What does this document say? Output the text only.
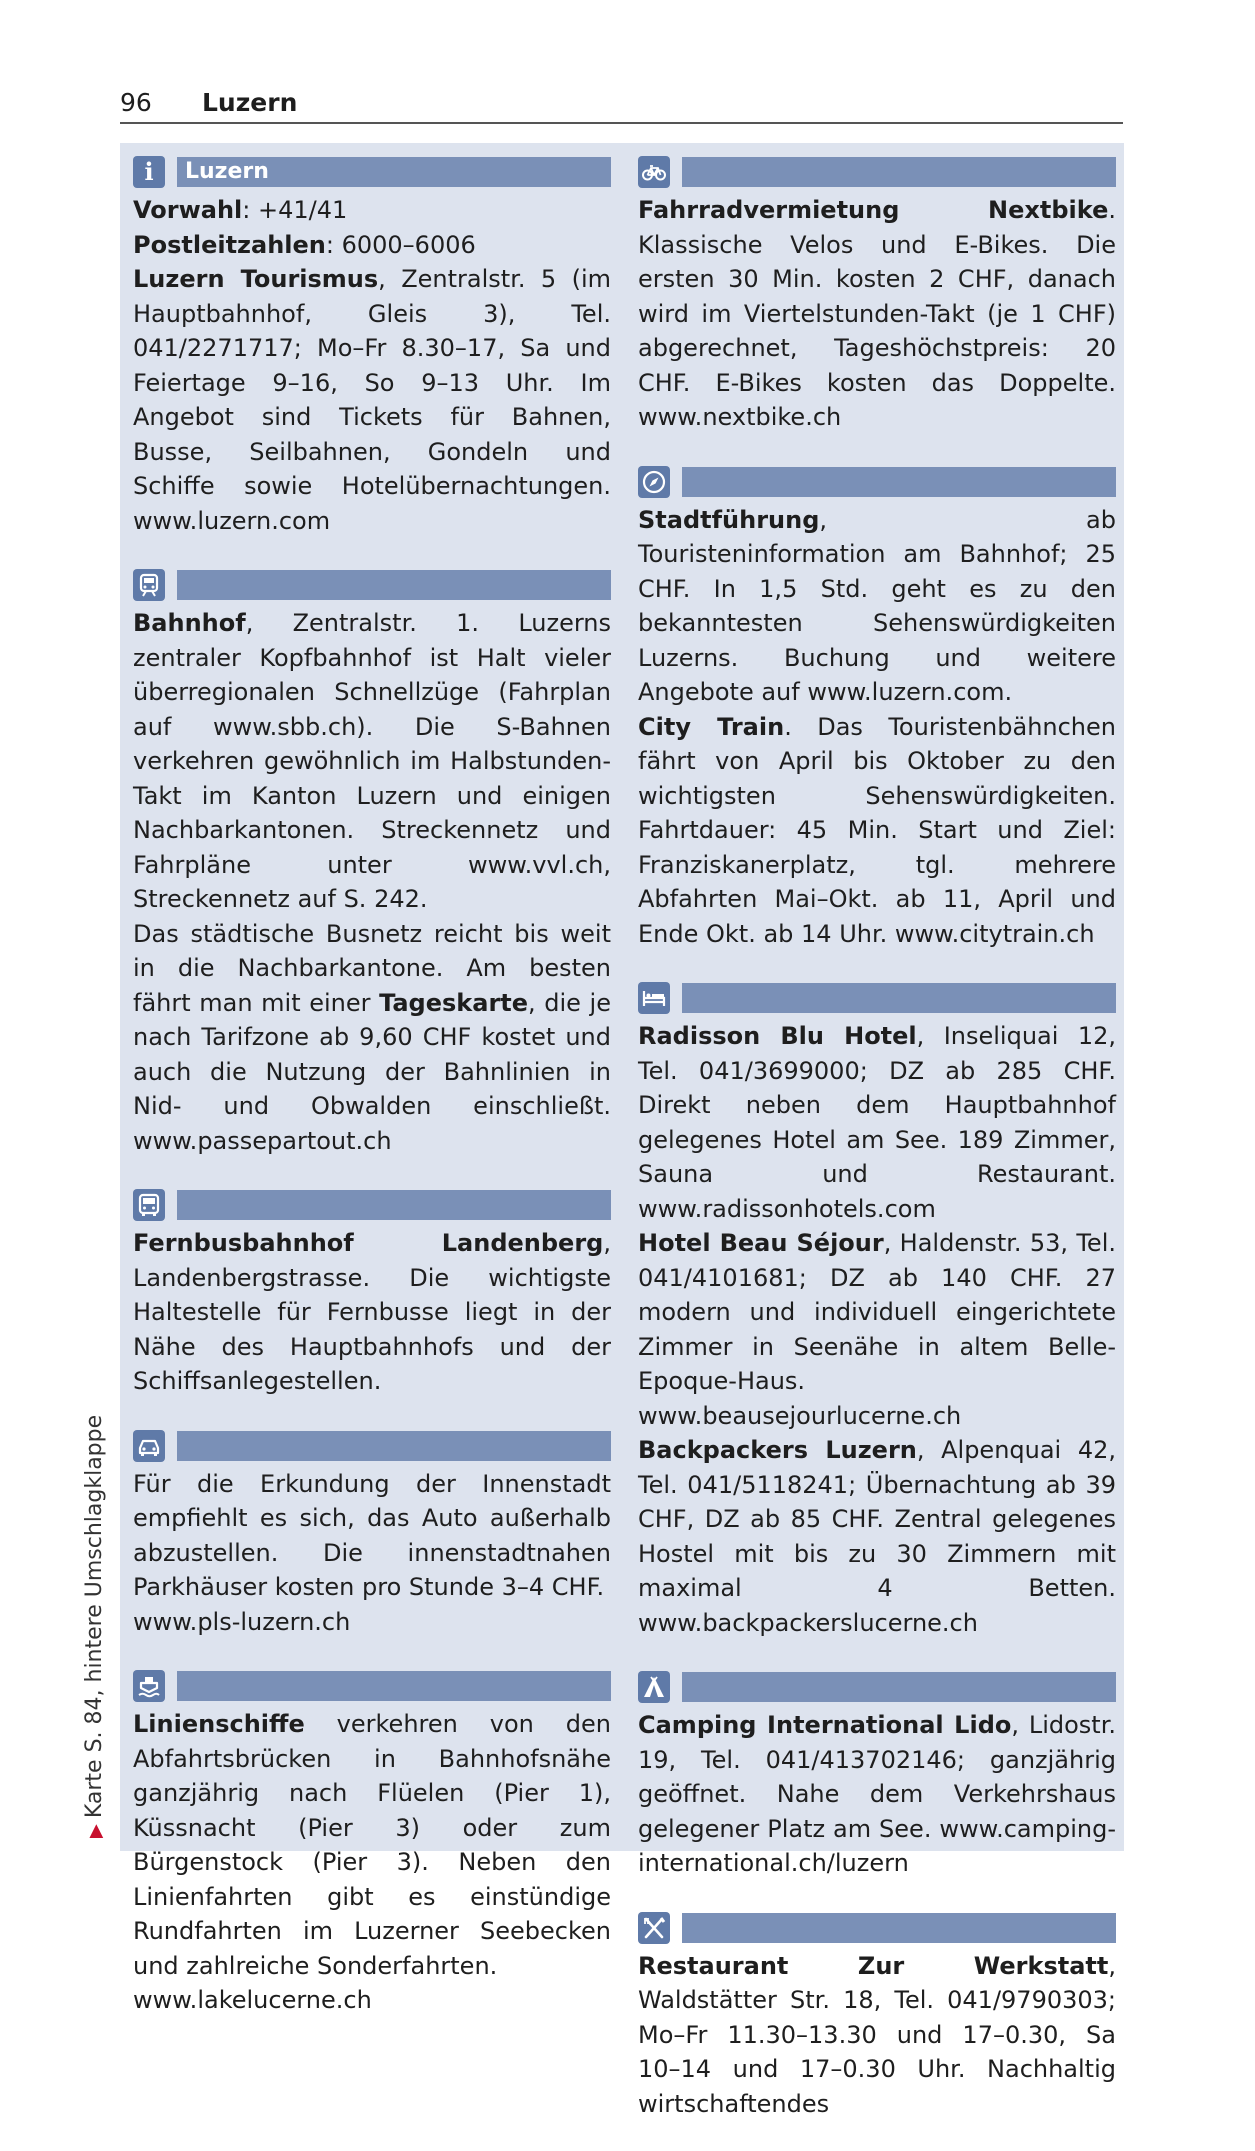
96 Luzern
▶Karte S. 84, hintere Umschlagklappe
i	Luzern

Vorwahl: +41/41

Postleitzahlen: 6000–6006

Luzern Tourismus, Zentralstr. 5 (im Hauptbahnhof, Gleis 3), Tel. 041/2271717; Mo–Fr 8.30–17, Sa und Feiertage 9–16, So 9–13 Uhr. Im Angebot sind Tickets für Bahnen, Busse, Seilbahnen, Gondeln und Schiffe sowie Hotelübernachtungen. www.luzern.com

Bahnhof, Zentralstr. 1. Luzerns zentraler Kopfbahnhof ist Halt vieler überregionalen Schnellzüge (Fahrplan auf www.sbb.ch). Die S-Bahnen verkehren gewöhnlich im Halbstunden-Takt im Kanton Luzern und einigen Nachbarkantonen. Streckennetz und Fahrpläne unter www.vvl.ch, Streckennetz auf S. 242.

Das städtische Busnetz reicht bis weit in die Nachbarkantone. Am besten fährt man mit einer Tageskarte, die je nach Tarifzone ab 9,60 CHF kostet und auch die Nutzung der Bahnlinien in Nid- und Obwalden einschließt. www.passepartout.ch

Fernbusbahnhof Landenberg, Landenbergstrasse. Die wichtigste Haltestelle für Fernbusse liegt in der Nähe des Hauptbahnhofs und der Schiffsanlegestellen.

Für die Erkundung der Innenstadt empfiehlt es sich, das Auto außerhalb abzustellen. Die innenstadtnahen Parkhäuser kosten pro Stunde 3–4 CHF.

www.pls-luzern.ch

Linienschiffe verkehren von den Abfahrtsbrücken in Bahnhofsnähe ganzjährig nach Flüelen (Pier 1), Küssnacht (Pier 3) oder zum Bürgenstock (Pier 3). Neben den Linienfahrten gibt es einstündige Rundfahrten im Luzerner Seebecken und zahlreiche Sonderfahrten.

www.lakelucerne.ch

Fahrradvermietung Nextbike. Klassische Velos und E-Bikes. Die ersten 30 Min. kosten 2 CHF, danach wird im Viertelstunden-Takt (je 1 CHF) abgerechnet, Tageshöchstpreis: 20 CHF. E-Bikes kosten das Doppelte. www.nextbike.ch

Stadtführung, ab Touristeninformation am Bahnhof; 25 CHF. In 1,5 Std. geht es zu den bekanntesten Sehenswürdigkeiten Luzerns. Buchung und weitere Angebote auf www.luzern.com.

City Train. Das Touristenbähnchen fährt von April bis Oktober zu den wichtigsten Sehenswürdigkeiten. Fahrtdauer: 45 Min. Start und Ziel: Franziskanerplatz, tgl. mehrere Abfahrten Mai–Okt. ab 11, April und Ende Okt. ab 14 Uhr. www.citytrain.ch

Radisson Blu Hotel, Inseliquai 12, Tel. 041/3699000; DZ ab 285 CHF. Direkt neben dem Hauptbahnhof gelegenes Hotel am See. 189 Zimmer, Sauna und Restaurant. www.radissonhotels.com

Hotel Beau Séjour, Haldenstr. 53, Tel. 041/4101681; DZ ab 140 CHF. 27 modern und individuell eingerichtete Zimmer in Seenähe in altem Belle-Epoque-Haus. www.beausejourlucerne.ch

Backpackers Luzern, Alpenquai 42, Tel. 041/5118241; Übernachtung ab 39 CHF, DZ ab 85 CHF. Zentral gelegenes Hostel mit bis zu 30 Zimmern mit maximal 4 Betten. www.backpackerslucerne.ch

Camping International Lido, Lidostr. 19, Tel. 041/413702146; ganzjährig geöffnet. Nahe dem Verkehrshaus gelegener Platz am See. www.camping-international.ch/luzern

Restaurant Zur Werkstatt, Waldstätter Str. 18, Tel. 041/9790303; Mo–Fr 11.30–13.30 und 17–0.30, Sa 10–14 und 17–0.30 Uhr. Nachhaltig wirtschaftendes
